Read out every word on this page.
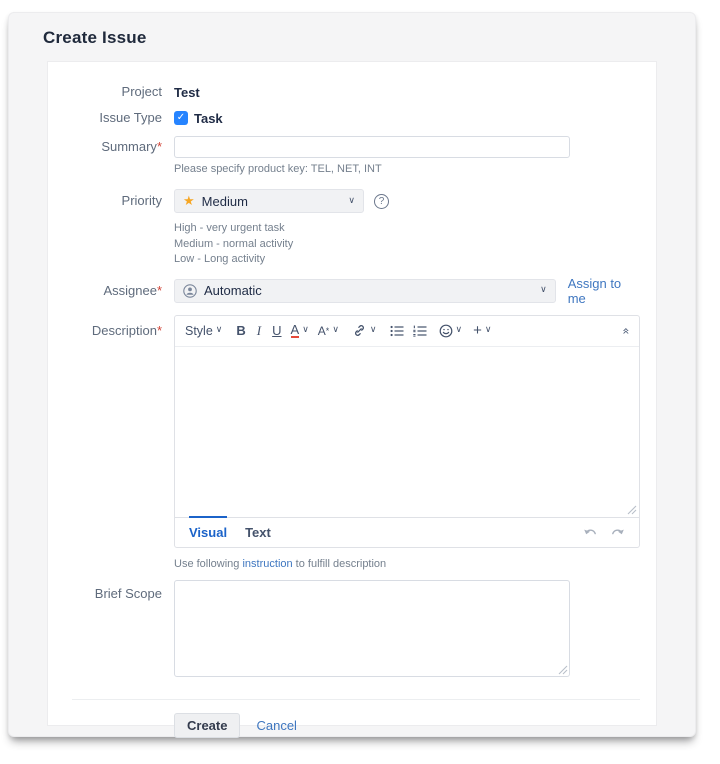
Create Issue
Project Test
Issue Type ✓ Task
Summary*
Please specify product key: TEL, NET, INT
Priority ★ Medium	∨	?
High - very urgent task
Medium - normal activity
Low - Long activity
Assignee*	Automatic	∨ Assign to me
Description* Style ∨ B I U A ∨ A * ∨	∨	∨ + ∨	»
Visual Text
Use following instruction to fulfill description
Brief Scope
Create	Cancel
